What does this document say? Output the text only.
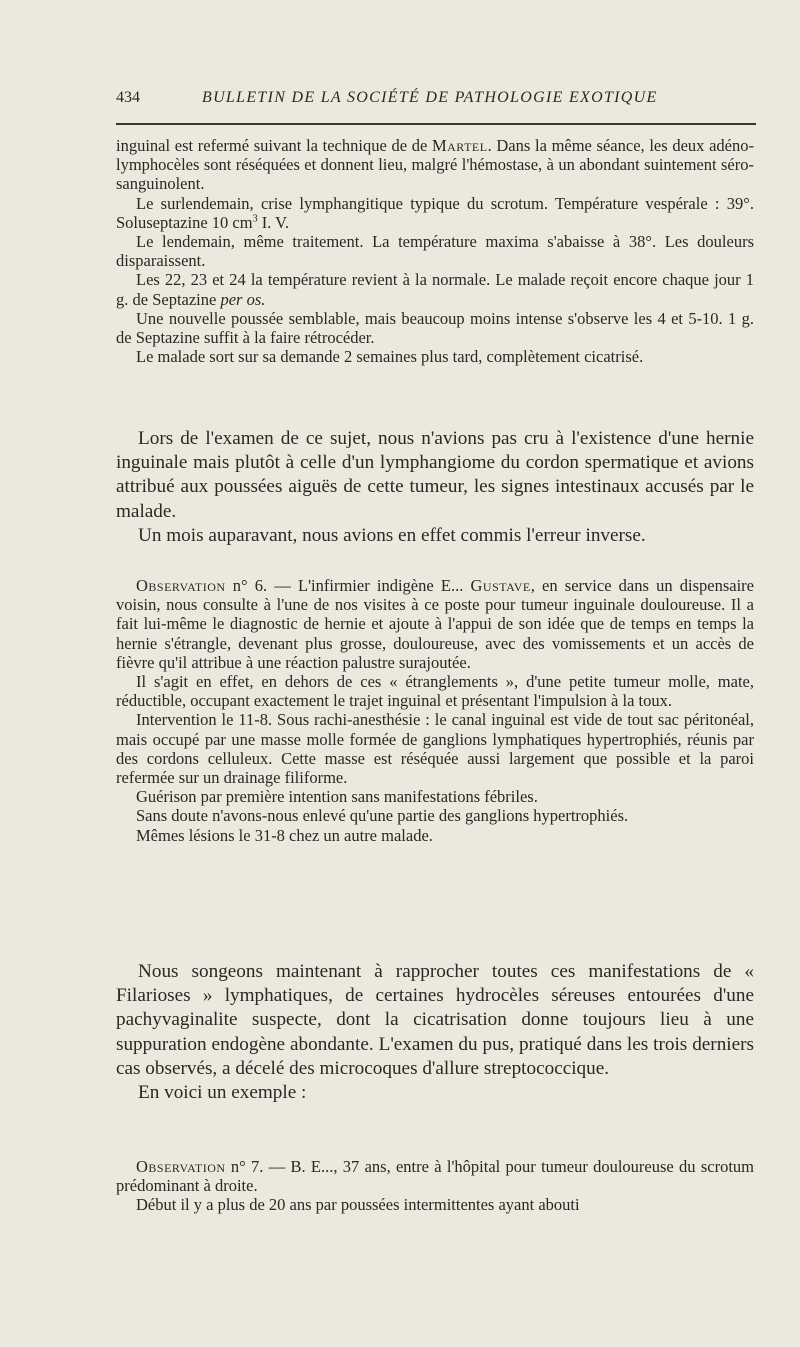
434	BULLETIN DE LA SOCIÉTÉ DE PATHOLOGIE EXOTIQUE

inguinal est refermé suivant la technique de de Martel. Dans la même séance, les deux adéno-lymphocèles sont réséquées et donnent lieu, malgré l'hémostase, à un abondant suintement séro-sanguinolent.

Le surlendemain, crise lymphangitique typique du scrotum. Température vespérale : 39°. Soluseptazine 10 $cm^3$ I. V.

Le lendemain, même traitement. La température maxima s'abaisse à 38°. Les douleurs disparaissent.

Les 22, 23 et 24 la température revient à la normale. Le malade reçoit encore chaque jour 1 g. de Septazine per os.

Une nouvelle poussée semblable, mais beaucoup moins intense s'observe les 4 et 5-10. 1 g. de Septazine suffit à la faire rétrocéder.

Le malade sort sur sa demande 2 semaines plus tard, complètement cicatrisé.

Lors de l'examen de ce sujet, nous n'avions pas cru à l'existence d'une hernie inguinale mais plutôt à celle d'un lymphangiome du cordon spermatique et avions attribué aux poussées aiguës de cette tumeur, les signes intestinaux accusés par le malade.

Un mois auparavant, nous avions en effet commis l'erreur inverse.

Observation n° 6. — L'infirmier indigène E... Gustave, en service dans un dispensaire voisin, nous consulte à l'une de nos visites à ce poste pour tumeur inguinale douloureuse. Il a fait lui-même le diagnostic de hernie et ajoute à l'appui de son idée que de temps en temps la hernie s'étrangle, devenant plus grosse, douloureuse, avec des vomissements et un accès de fièvre qu'il attribue à une réaction palustre surajoutée.

Il s'agit en effet, en dehors de ces « étranglements », d'une petite tumeur molle, mate, réductible, occupant exactement le trajet inguinal et présentant l'impulsion à la toux.

Intervention le 11-8. Sous rachi-anesthésie : le canal inguinal est vide de tout sac péritonéal, mais occupé par une masse molle formée de ganglions lymphatiques hypertrophiés, réunis par des cordons celluleux. Cette masse est réséquée aussi largement que possible et la paroi refermée sur un drainage filiforme.

Guérison par première intention sans manifestations fébriles.

Sans doute n'avons-nous enlevé qu'une partie des ganglions hypertrophiés.

Mêmes lésions le 31-8 chez un autre malade.

Nous songeons maintenant à rapprocher toutes ces manifestations de « Filarioses » lymphatiques, de certaines hydrocèles séreuses entourées d'une pachyvaginalite suspecte, dont la cicatrisation donne toujours lieu à une suppuration endogène abondante. L'examen du pus, pratiqué dans les trois derniers cas observés, a décelé des microcoques d'allure streptococcique.

En voici un exemple :

Observation n° 7. — B. E..., 37 ans, entre à l'hôpital pour tumeur douloureuse du scrotum prédominant à droite.

Début il y a plus de 20 ans par poussées intermittentes ayant abouti
